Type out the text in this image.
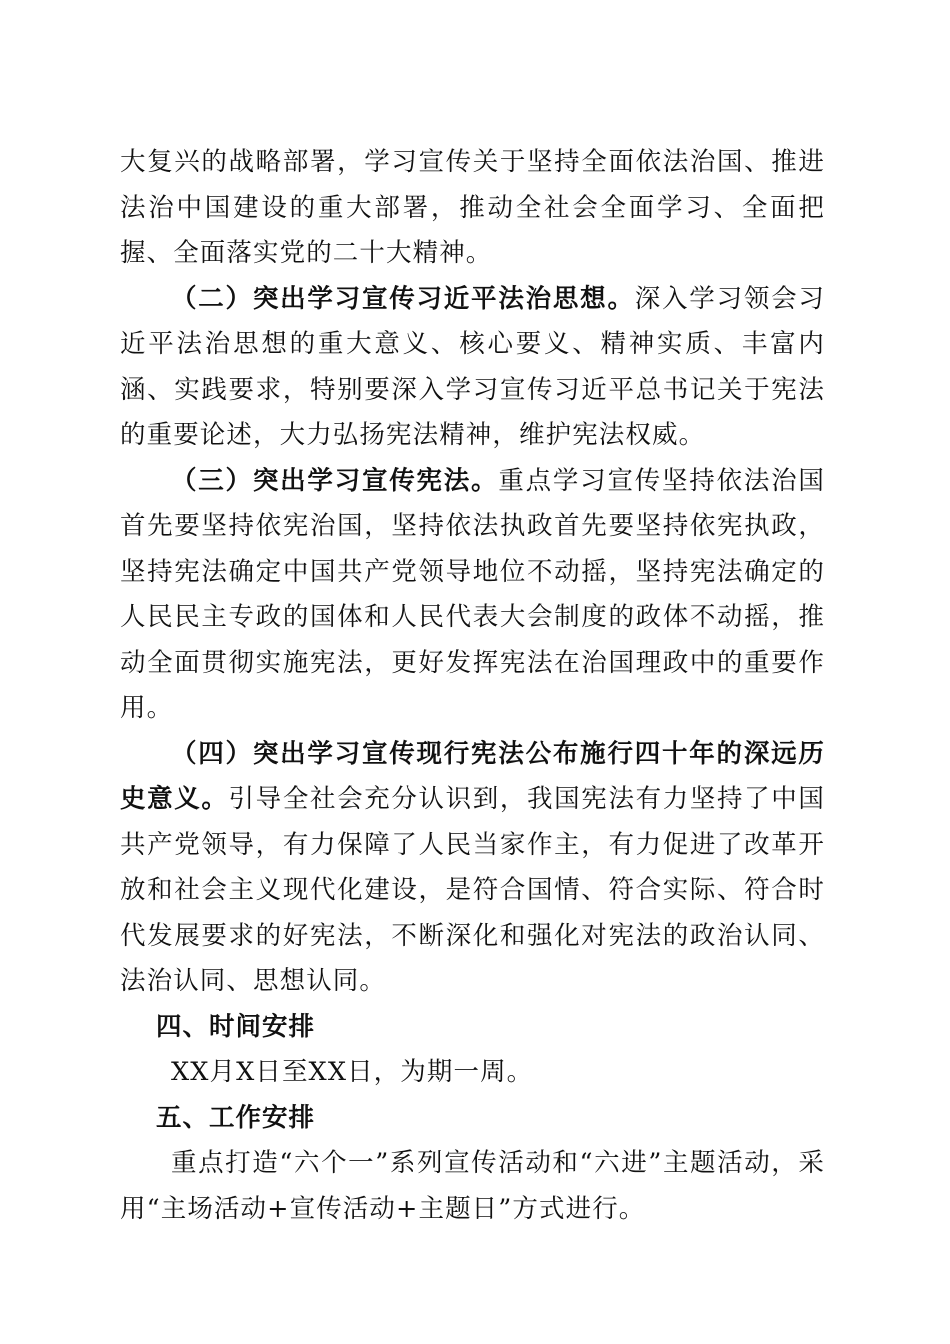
大复兴的战略部署，学习宣传关于坚持全面依法治国、推进法治中国建设的重大部署，推动全社会全面学习、全面把握、全面落实党的二十大精神。

（二）突出学习宣传习近平法治思想。深入学习领会习近平法治思想的重大意义、核心要义、精神实质、丰富内涵、实践要求，特别要深入学习宣传习近平总书记关于宪法的重要论述，大力弘扬宪法精神，维护宪法权威。

（三）突出学习宣传宪法。重点学习宣传坚持依法治国首先要坚持依宪治国，坚持依法执政首先要坚持依宪执政，坚持宪法确定中国共产党领导地位不动摇，坚持宪法确定的人民民主专政的国体和人民代表大会制度的政体不动摇，推动全面贯彻实施宪法，更好发挥宪法在治国理政中的重要作用。

（四）突出学习宣传现行宪法公布施行四十年的深远历史意义。引导全社会充分认识到，我国宪法有力坚持了中国共产党领导，有力保障了人民当家作主，有力促进了改革开放和社会主义现代化建设，是符合国情、符合实际、符合时代发展要求的好宪法，不断深化和强化对宪法的政治认同、法治认同、思想认同。

四、时间安排

XX月X日至XX日，为期一周。

五、工作安排

重点打造“六个一”系列宣传活动和“六进”主题活动，采用“主场活动+宣传活动+主题日”方式进行。
